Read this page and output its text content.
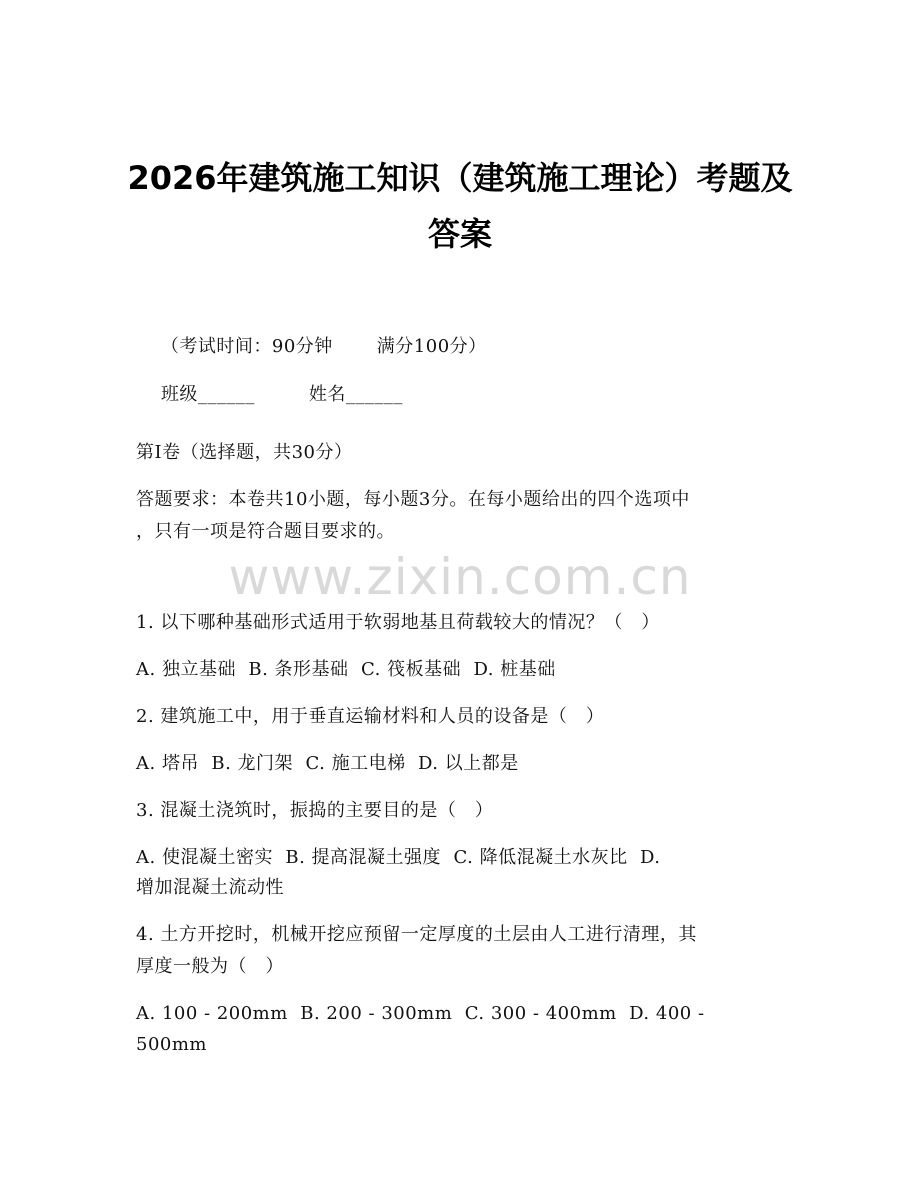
2026年建筑施工知识（建筑施工理论）考题及答案

（考试时间：90分钟 满分100分）

班级______	姓名______

第Ⅰ卷（选择题，共30分）
答题要求：本卷共10小题，每小题3分。在每小题给出的四个选项中
，只有一项是符合题目要求的。
www.zixin.com.cn
1. 以下哪种基础形式适用于软弱地基且荷载较大的情况？（　）
A. 独立基础  B. 条形基础  C. 筏板基础  D. 桩基础
2. 建筑施工中，用于垂直运输材料和人员的设备是（　）
A. 塔吊  B. 龙门架  C. 施工电梯  D. 以上都是
3. 混凝土浇筑时，振捣的主要目的是（　）
A. 使混凝土密实  B. 提高混凝土强度  C. 降低混凝土水灰比  D.
增加混凝土流动性
4. 土方开挖时，机械开挖应预留一定厚度的土层由人工进行清理，其
厚度一般为（　）
A. 100 - 200mm  B. 200 - 300mm  C. 300 - 400mm  D. 400 -
500mm
